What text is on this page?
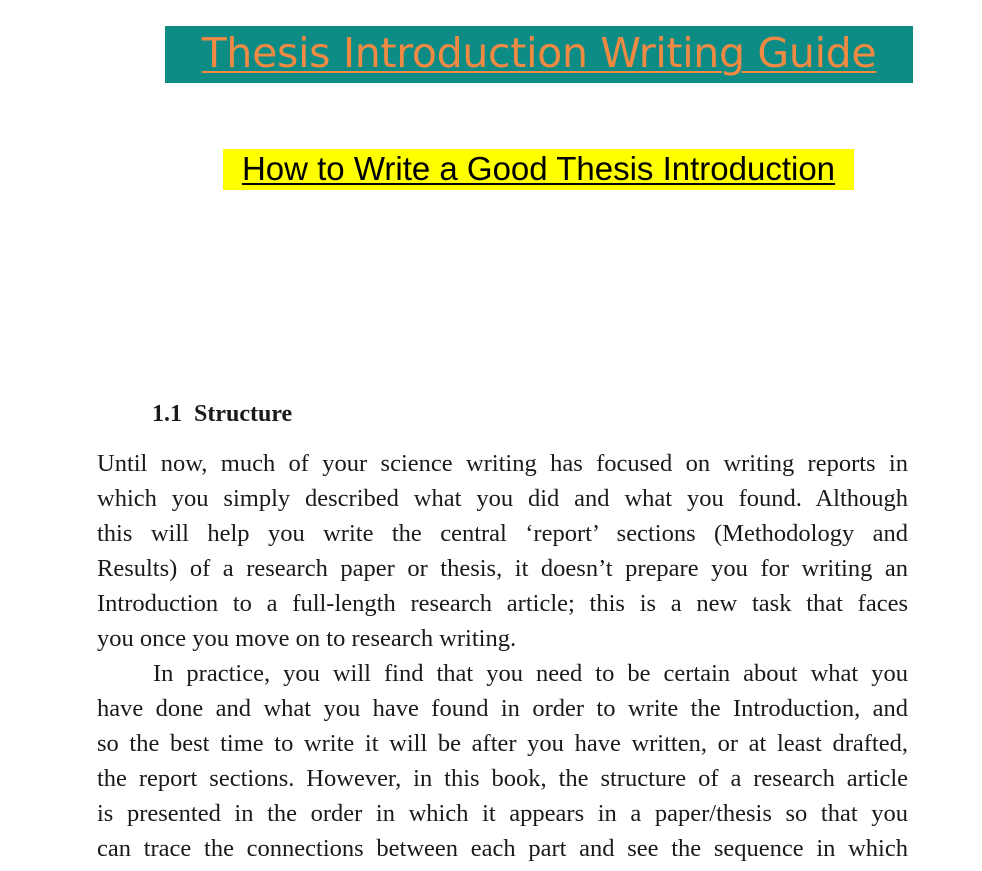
Thesis Introduction Writing Guide
How to Write a Good Thesis Introduction
1.1 Structure
Until now, much of your science writing has focused on writing reports in
which you simply described what you did and what you found. Although
this will help you write the central ‘report’ sections (Methodology and
Results) of a research paper or thesis, it doesn’t prepare you for writing an
Introduction to a full-length research article; this is a new task that faces
you once you move on to research writing.
In practice, you will find that you need to be certain about what you
have done and what you have found in order to write the Introduction, and
so the best time to write it will be after you have written, or at least drafted,
the report sections. However, in this book, the structure of a research article
is presented in the order in which it appears in a paper/thesis so that you
can trace the connections between each part and see the sequence in which
